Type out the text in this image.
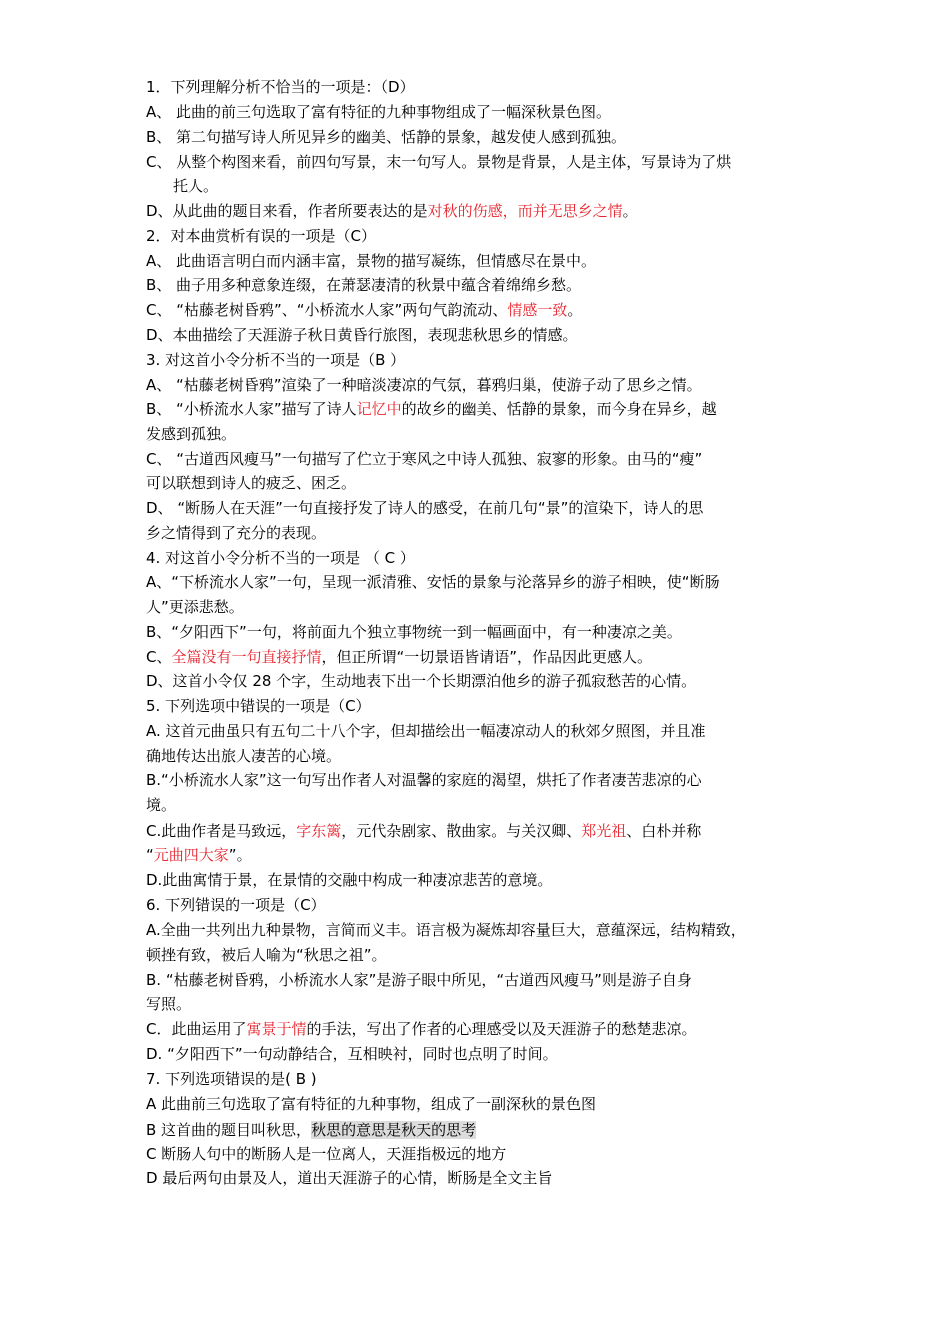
1．下列理解分析不恰当的一项是：（D）
A、 此曲的前三句选取了富有特征的九种事物组成了一幅深秋景色图。
B、 第二句描写诗人所见异乡的幽美、恬静的景象，越发使人感到孤独。
C、 从整个构图来看，前四句写景，末一句写人。景物是背景，人是主体，写景诗为了烘
托人。
D、从此曲的题目来看，作者所要表达的是对秋的伤感，而并无思乡之情。
2．对本曲赏析有误的一项是（C）
A、 此曲语言明白而内涵丰富，景物的描写凝练，但情感尽在景中。
B、 曲子用多种意象连缀，在萧瑟凄清的秋景中蕴含着绵绵乡愁。
C、 “枯藤老树昏鸦”、“小桥流水人家”两句气韵流动、情感一致。
D、本曲描绘了天涯游子秋日黄昏行旅图，表现悲秋思乡的情感。
3. 对这首小令分析不当的一项是（B ）
A、 “枯藤老树昏鸦”渲染了一种暗淡凄凉的气氛，暮鸦归巢，使游子动了思乡之情。
B、 “小桥流水人家”描写了诗人记忆中的故乡的幽美、恬静的景象，而今身在异乡，越
发感到孤独。
C、 “古道西风瘦马”一句描写了伫立于寒风之中诗人孤独、寂寥的形象。由马的“瘦”
可以联想到诗人的疲乏、困乏。
D、 “断肠人在天涯”一句直接抒发了诗人的感受，在前几句“景”的渲染下，诗人的思
乡之情得到了充分的表现。
4. 对这首小令分析不当的一项是 （ C ）
A、“下桥流水人家”一句，呈现一派清雅、安恬的景象与沦落异乡的游子相映，使“断肠
人”更添悲愁。
B、“夕阳西下”一句，将前面九个独立事物统一到一幅画面中，有一种凄凉之美。
C、全篇没有一句直接抒情，但正所谓“一切景语皆请语”，作品因此更感人。
D、这首小令仅 28 个字，生动地表下出一个长期漂泊他乡的游子孤寂愁苦的心情。
5. 下列选项中错误的一项是（C）
A. 这首元曲虽只有五句二十八个字，但却描绘出一幅凄凉动人的秋郊夕照图，并且准
确地传达出旅人凄苦的心境。
B.“小桥流水人家”这一句写出作者人对温馨的家庭的渴望，烘托了作者凄苦悲凉的心
境。
C.此曲作者是马致远，字东篱，元代杂剧家、散曲家。与关汉卿、郑光祖、白朴并称
“元曲四大家”。
D.此曲寓情于景，在景情的交融中构成一种凄凉悲苦的意境。
6. 下列错误的一项是（C）
A.全曲一共列出九种景物，言简而义丰。语言极为凝炼却容量巨大，意蕴深远，结构精致，
顿挫有致，被后人喻为“秋思之祖”。
B. “枯藤老树昏鸦，小桥流水人家”是游子眼中所见，“古道西风瘦马”则是游子自身
写照。
C．此曲运用了寓景于情的手法，写出了作者的心理感受以及天涯游子的愁楚悲凉。
D. “夕阳西下”一句动静结合，互相映衬，同时也点明了时间。
7. 下列选项错误的是( B )
A 此曲前三句选取了富有特征的九种事物，组成了一副深秋的景色图
B 这首曲的题目叫秋思，秋思的意思是秋天的思考
C 断肠人句中的断肠人是一位离人，天涯指极远的地方
D 最后两句由景及人，道出天涯游子的心情，断肠是全文主旨
